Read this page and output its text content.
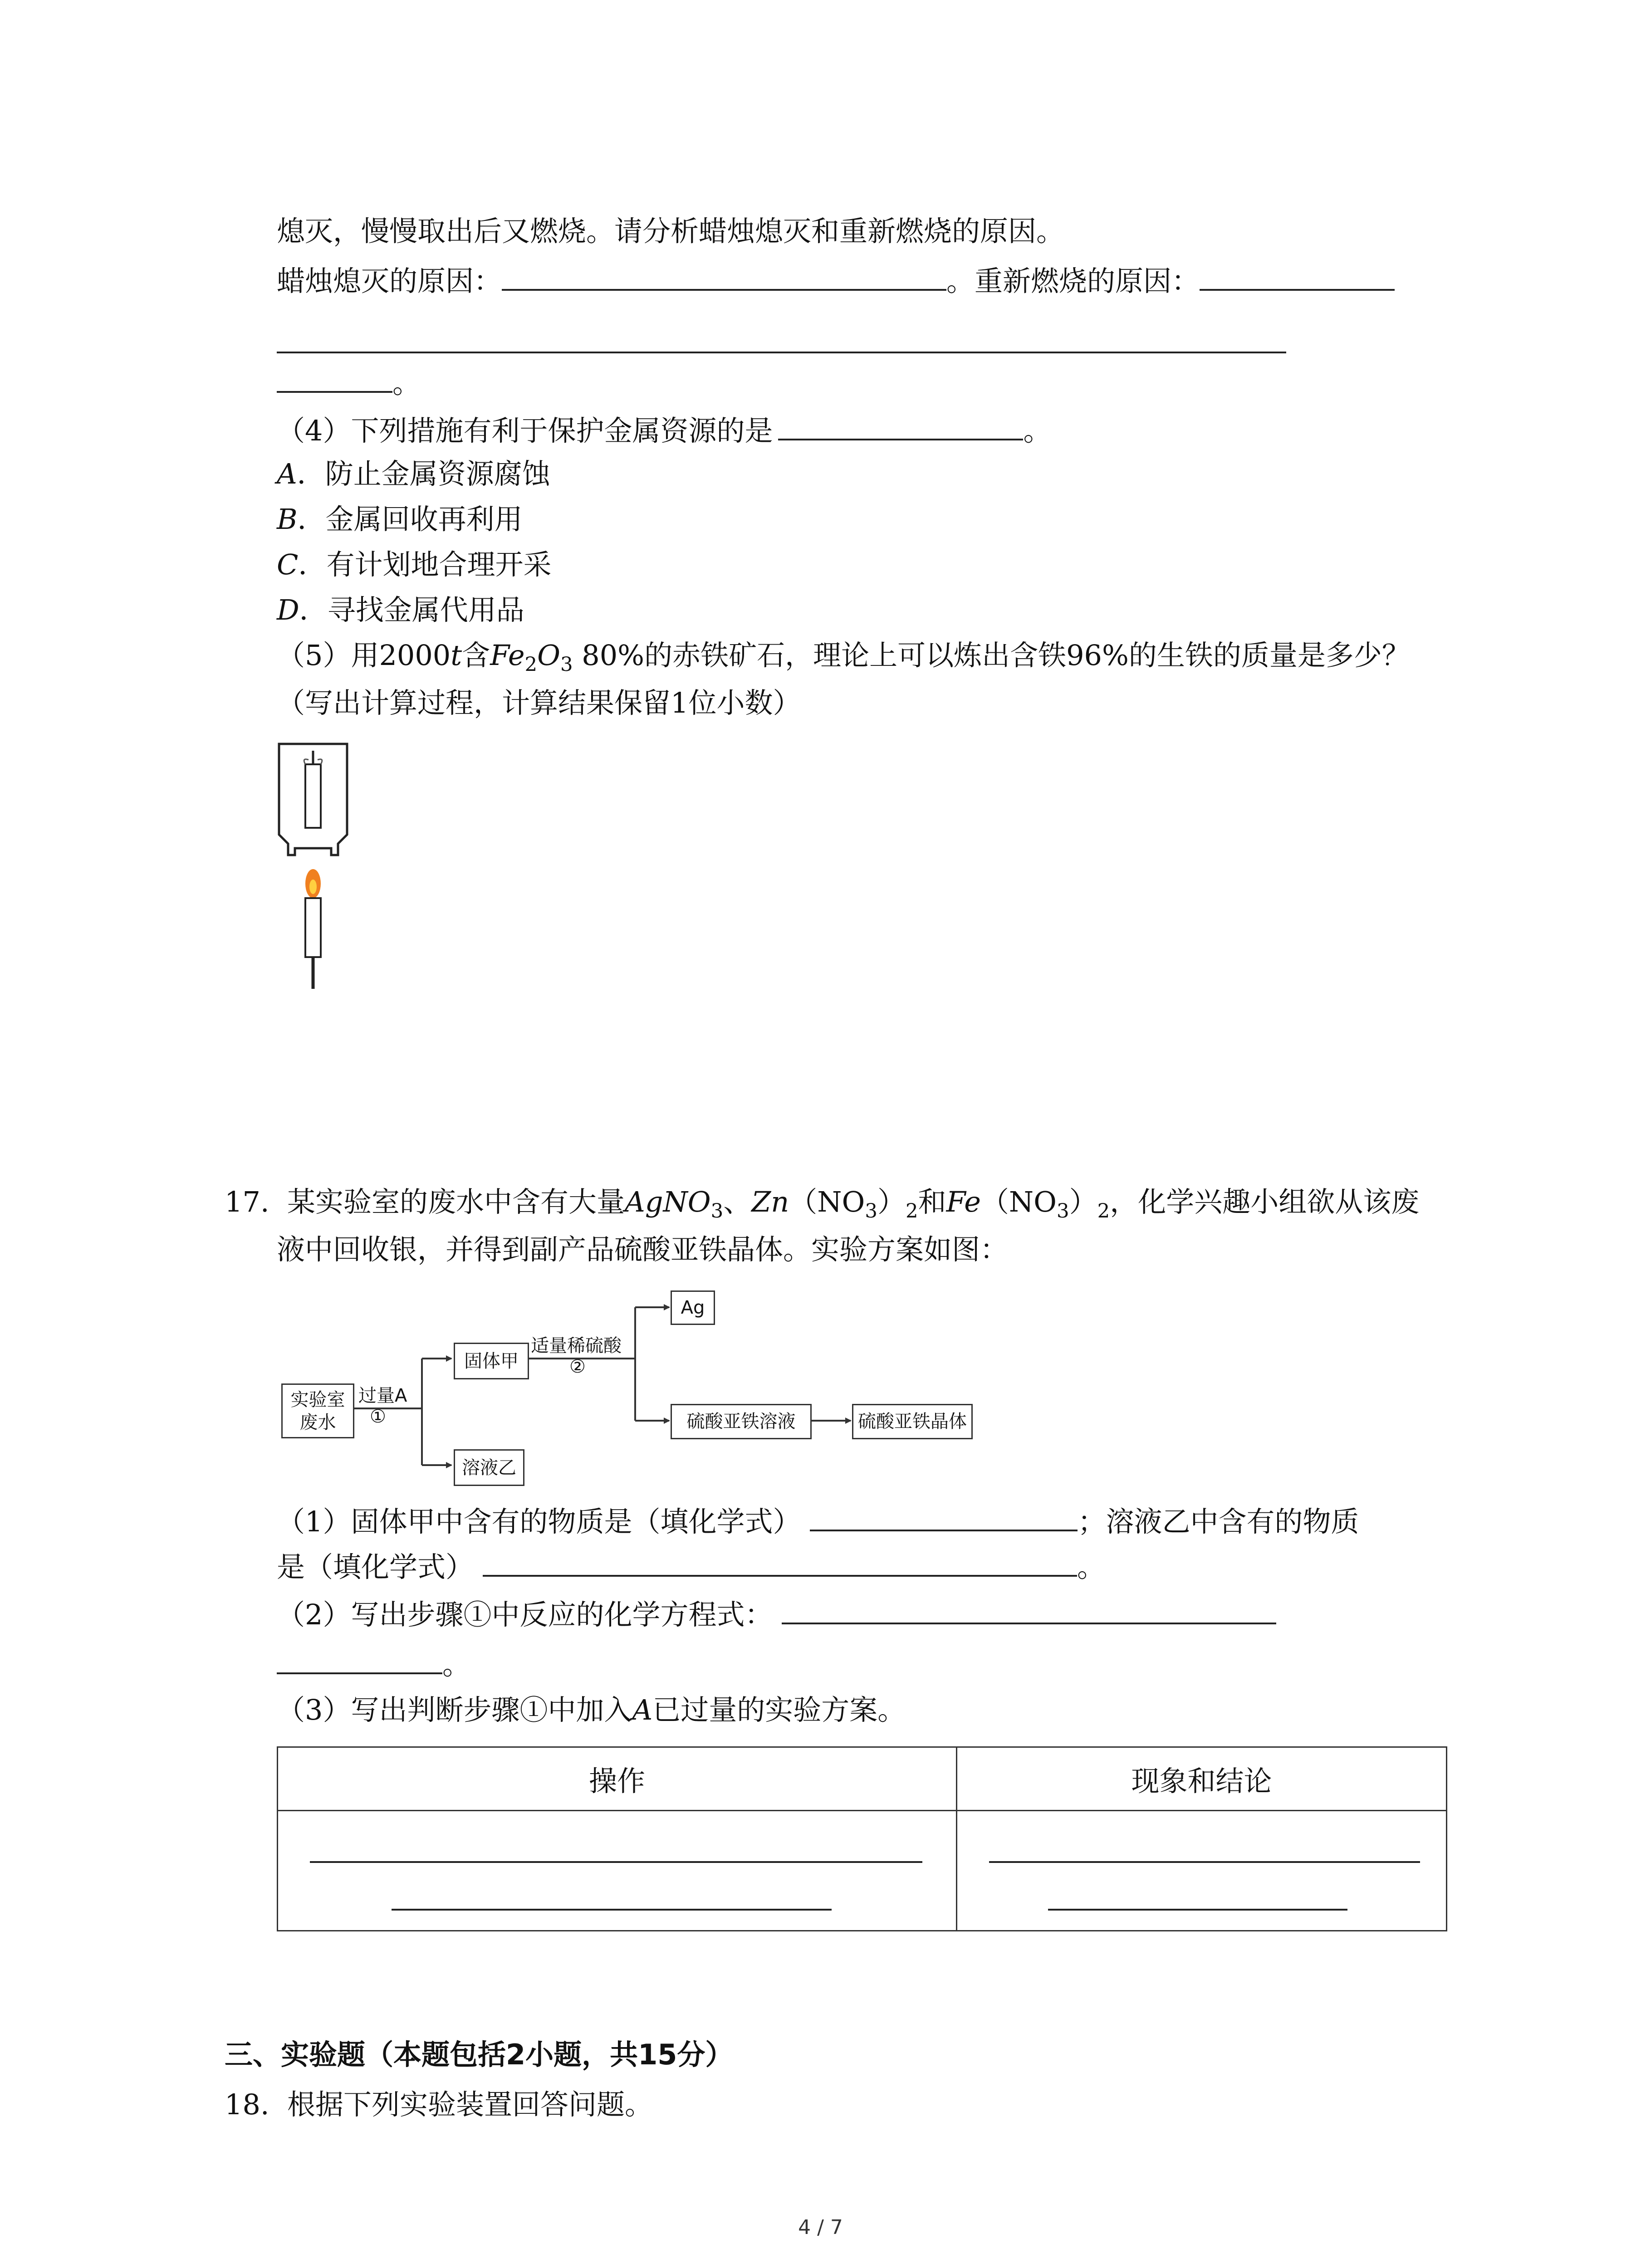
熄灭，慢慢取出后又燃烧。请分析蜡烛熄灭和重新燃烧的原因。
蜡烛熄灭的原因：	。重新燃烧的原因：
。
（4）下列措施有利于保护金属资源的是	。
A．防止金属资源腐蚀
B．金属回收再利用
C．有计划地合理开采
D．寻找金属代用品
（5）用2000t含$Fe_2O_3$ 80%的赤铁矿石，理论上可以炼出含铁96%的生铁的质量是多少？
（写出计算过程，计算结果保留1位小数）
17. 某实验室的废水中含有大量AgNO$_3$、$Zn(NO_3)_2$和$Fe(NO_3)_2$，化学兴趣小组欲从该废
液中回收银，并得到副产品硫酸亚铁晶体。实验方案如图：
实验室
废水
过量A
①
固体甲
适量稀硫酸
②
Ag
硫酸亚铁溶液	硫酸亚铁晶体
溶液乙
（1）固体甲中含有的物质是（填化学式）	；溶液乙中含有的物质
是（填化学式）	。
（2）写出步骤①中反应的化学方程式：
。
（3）写出判断步骤①中加入A已过量的实验方案。
操作	现象和结论

三、实验题（本题包括2小题，共15分）
18. 根据下列实验装置回答问题。
4 / 7
